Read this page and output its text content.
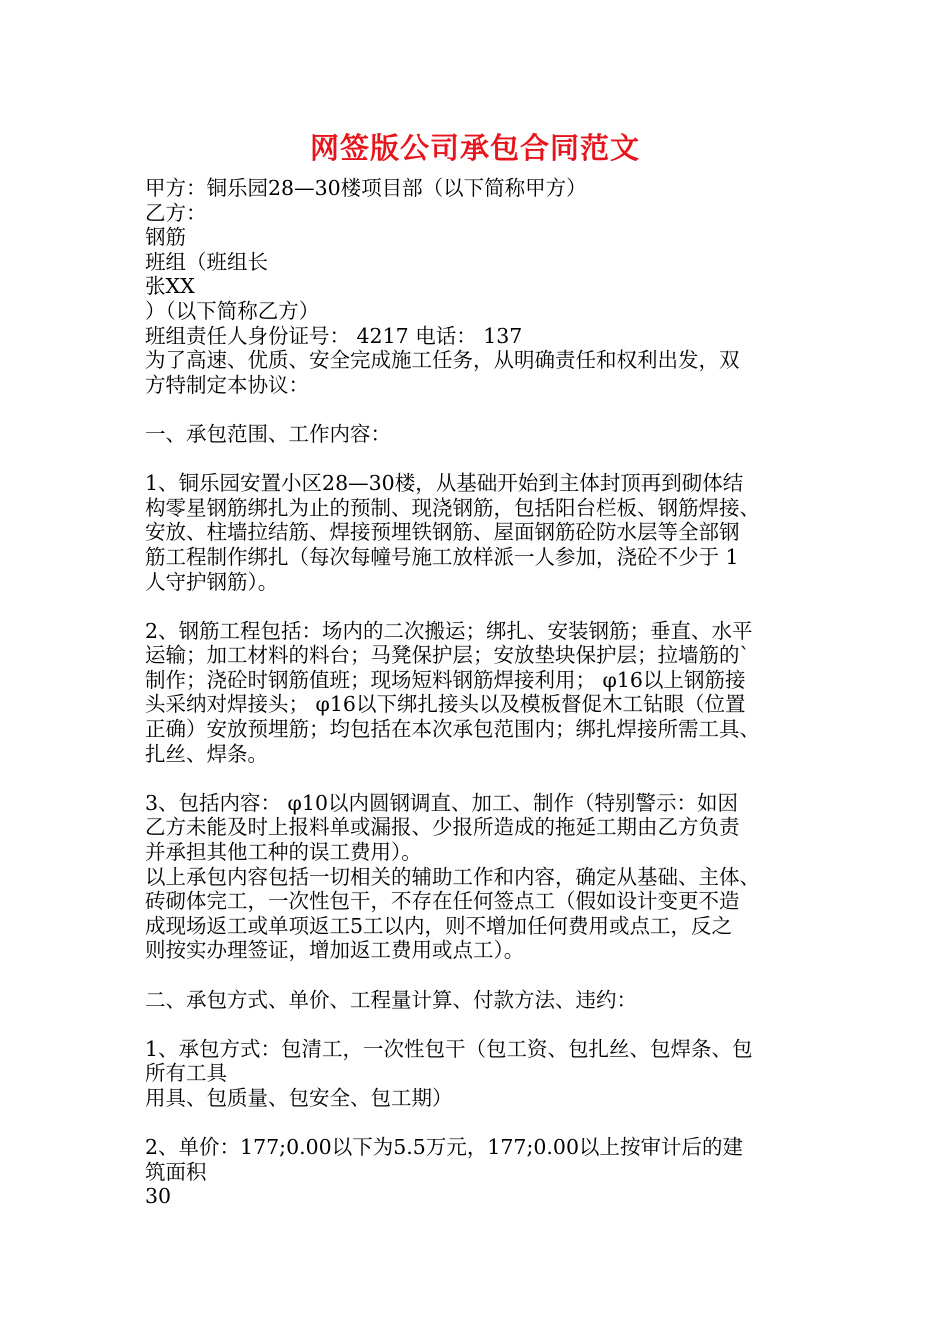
网签版公司承包合同范文
甲方：铜乐园28—30楼项目部（以下简称甲方）
乙方：
钢筋
班组（班组长
张XX
）（以下简称乙方）
班组责任人身份证号： 4217 电话： 137
为了高速、优质、安全完成施工任务，从明确责任和权利出发，双
方特制定本协议：
一、承包范围、工作内容：
1、铜乐园安置小区28—30楼，从基础开始到主体封顶再到砌体结
构零星钢筋绑扎为止的预制、现浇钢筋，包括阳台栏板、钢筋焊接、
安放、柱墙拉结筋、焊接预埋铁钢筋、屋面钢筋砼防水层等全部钢
筋工程制作绑扎（每次每幢号施工放样派一人参加，浇砼不少于 1
人守护钢筋）。
2、钢筋工程包括：场内的二次搬运；绑扎、安装钢筋；垂直、水平
运输；加工材料的料台；马凳保护层；安放垫块保护层；拉墙筋的`
制作；浇砼时钢筋值班；现场短料钢筋焊接利用； φ16以上钢筋接
头采纳对焊接头； φ16以下绑扎接头以及模板督促木工钻眼（位置
正确）安放预埋筋；均包括在本次承包范围内；绑扎焊接所需工具、
扎丝、焊条。
3、包括内容： φ10以内圆钢调直、加工、制作（特别警示：如因
乙方未能及时上报料单或漏报、少报所造成的拖延工期由乙方负责
并承担其他工种的误工费用）。
以上承包内容包括一切相关的辅助工作和内容，确定从基础、主体、
砖砌体完工，一次性包干，不存在任何签点工（假如设计变更不造
成现场返工或单项返工5工以内，则不增加任何费用或点工，反之
则按实办理签证，增加返工费用或点工）。
二、承包方式、单价、工程量计算、付款方法、违约：
1、承包方式：包清工，一次性包干（包工资、包扎丝、包焊条、包
所有工具
用具、包质量、包安全、包工期）
2、单价：177;0.00以下为5.5万元，177;0.00以上按审计后的建
筑面积
30
